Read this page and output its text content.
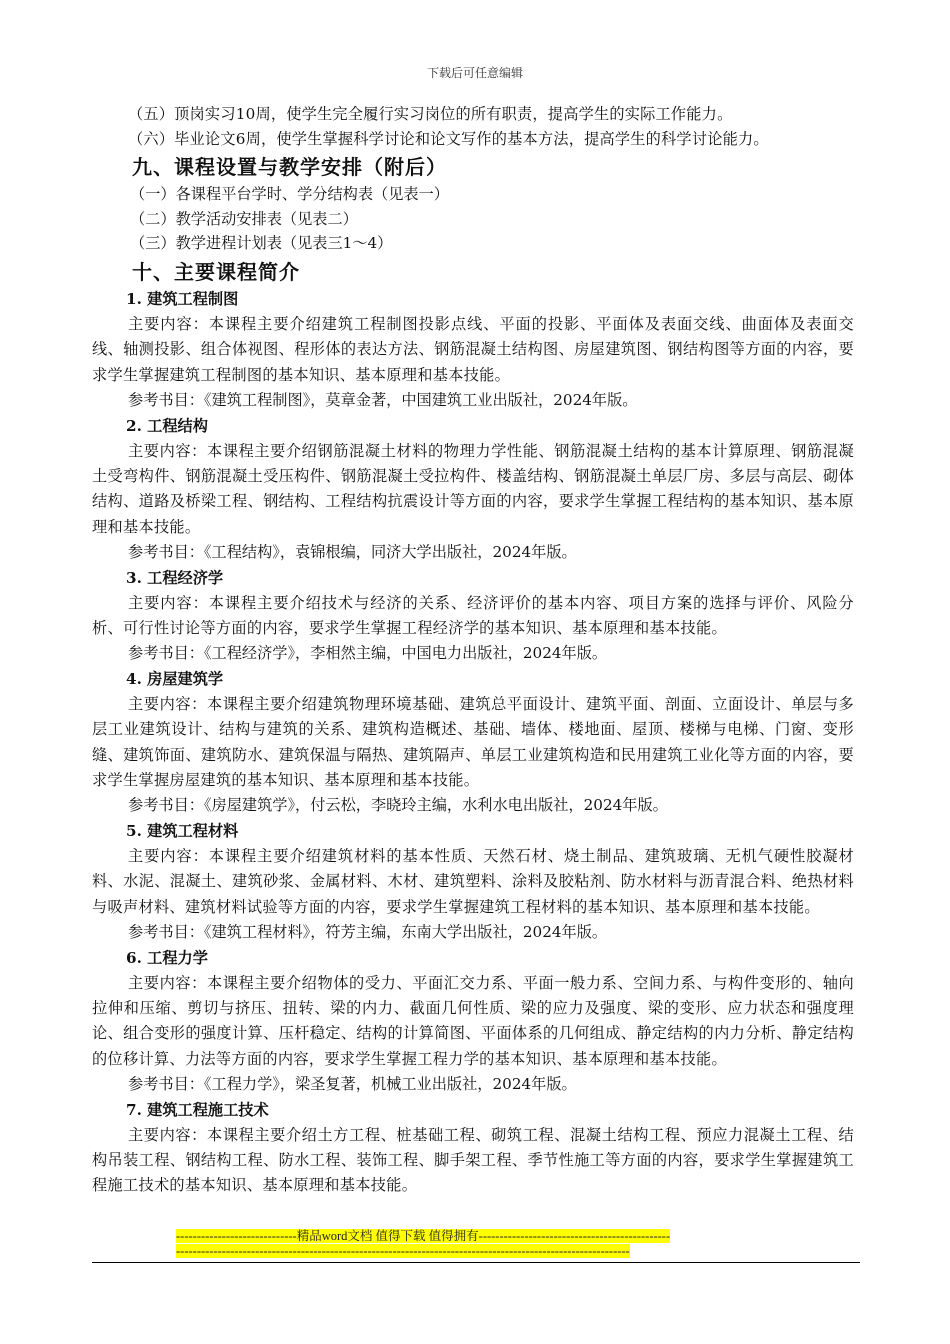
下载后可任意编辑

（五）顶岗实习10周，使学生完全履行实习岗位的所有职责，提高学生的实际工作能力。

（六）毕业论文6周，使学生掌握科学讨论和论文写作的基本方法，提高学生的科学讨论能力。

九、课程设置与教学安排（附后）

（一）各课程平台学时、学分结构表（见表一）

（二）教学活动安排表（见表二）

（三）教学进程计划表（见表三1～4）

十、主要课程简介
1. 建筑工程制图

主要内容：本课程主要介绍建筑工程制图投影点线、平面的投影、平面体及表面交线、曲面体及表面交线、轴测投影、组合体视图、程形体的表达方法、钢筋混凝土结构图、房屋建筑图、钢结构图等方面的内容，要求学生掌握建筑工程制图的基本知识、基本原理和基本技能。

参考书目：《建筑工程制图》，莫章金著，中国建筑工业出版社，2024年版。

2. 工程结构

主要内容：本课程主要介绍钢筋混凝土材料的物理力学性能、钢筋混凝土结构的基本计算原理、钢筋混凝土受弯构件、钢筋混凝土受压构件、钢筋混凝土受拉构件、楼盖结构、钢筋混凝土单层厂房、多层与高层、砌体结构、道路及桥梁工程、钢结构、工程结构抗震设计等方面的内容，要求学生掌握工程结构的基本知识、基本原理和基本技能。

参考书目：《工程结构》，袁锦根编，同济大学出版社，2024年版。

3. 工程经济学

主要内容：本课程主要介绍技术与经济的关系、经济评价的基本内容、项目方案的选择与评价、风险分析、可行性讨论等方面的内容，要求学生掌握工程经济学的基本知识、基本原理和基本技能。

参考书目：《工程经济学》，李相然主编，中国电力出版社，2024年版。

4. 房屋建筑学

主要内容：本课程主要介绍建筑物理环境基础、建筑总平面设计、建筑平面、剖面、立面设计、单层与多层工业建筑设计、结构与建筑的关系、建筑构造概述、基础、墙体、楼地面、屋顶、楼梯与电梯、门窗、变形缝、建筑饰面、建筑防水、建筑保温与隔热、建筑隔声、单层工业建筑构造和民用建筑工业化等方面的内容，要求学生掌握房屋建筑的基本知识、基本原理和基本技能。

参考书目：《房屋建筑学》，付云松，李晓玲主编，水利水电出版社，2024年版。

5. 建筑工程材料

主要内容：本课程主要介绍建筑材料的基本性质、天然石材、烧土制品、建筑玻璃、无机气硬性胶凝材料、水泥、混凝土、建筑砂浆、金属材料、木材、建筑塑料、涂料及胶粘剂、防水材料与沥青混合料、绝热材料与吸声材料、建筑材料试验等方面的内容，要求学生掌握建筑工程材料的基本知识、基本原理和基本技能。

参考书目：《建筑工程材料》，符芳主编，东南大学出版社，2024年版。

6. 工程力学

主要内容：本课程主要介绍物体的受力、平面汇交力系、平面一般力系、空间力系、与构件变形的、轴向拉伸和压缩、剪切与挤压、扭转、梁的内力、截面几何性质、梁的应力及强度、梁的变形、应力状态和强度理论、组合变形的强度计算、压杆稳定、结构的计算简图、平面体系的几何组成、静定结构的内力分析、静定结构的位移计算、力法等方面的内容，要求学生掌握工程力学的基本知识、基本原理和基本技能。

参考书目：《工程力学》，梁圣复著，机械工业出版社，2024年版。

7. 建筑工程施工技术

主要内容：本课程主要介绍土方工程、桩基础工程、砌筑工程、混凝土结构工程、预应力混凝土工程、结构吊装工程、钢结构工程、防水工程、装饰工程、脚手架工程、季节性施工等方面的内容，要求学生掌握建筑工程施工技术的基本知识、基本原理和基本技能。

-----------------------------精品word文档 值得下载 值得拥有----------------------------------------------
-------------------------------------------------------------------------------------------------------------
